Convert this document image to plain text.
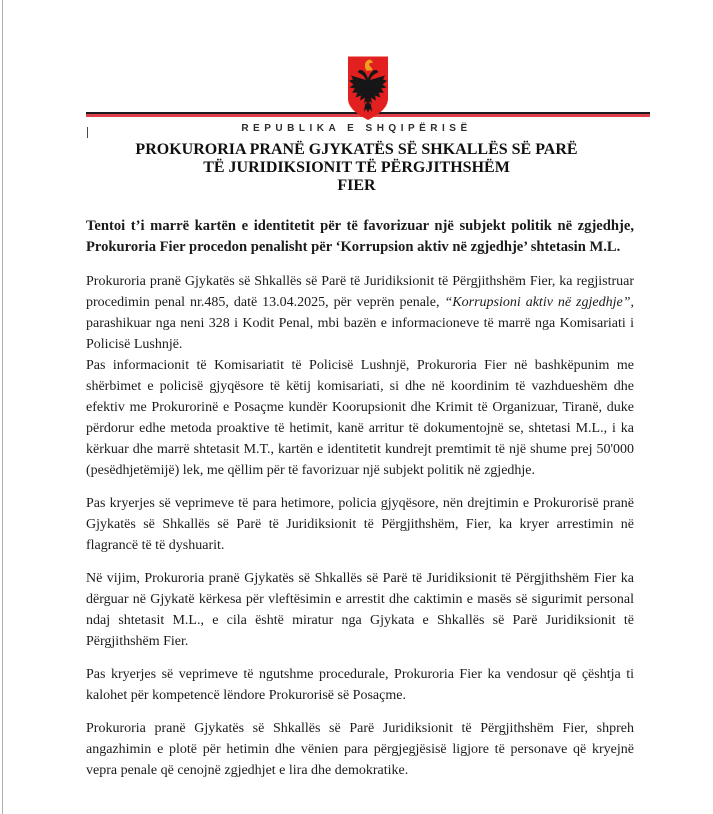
REPUBLIKA E SHQIPËRISË
PROKURORIA PRANË GJYKATËS SË SHKALLËS SË PARË
TË JURIDIKSIONIT TË PËRGJITHSHËM
FIER

Tentoi t’i marrë kartën e identitetit për të favorizuar një subjekt politik në zgjedhje, Prokuroria Fier procedon penalisht për ‘Korrupsion aktiv në zgjedhje’ shtetasin M.L.

Prokuroria pranë Gjykatës së Shkallës së Parë të Juridiksionit të Përgjithshëm Fier, ka regjistruar procedimin penal nr.485, datë 13.04.2025, për veprën penale, “Korrupsioni aktiv në zgjedhje”, parashikuar nga neni 328 i Kodit Penal, mbi bazën e informacioneve të marrë nga Komisariati i Policisë Lushnjë.

Pas informacionit të Komisariatit të Policisë Lushnjë, Prokuroria Fier në bashkëpunim me shërbimet e policisë gjyqësore të këtij komisariati, si dhe në koordinim të vazhdueshëm dhe efektiv me Prokurorinë e Posaçme kundër Koorupsionit dhe Krimit të Organizuar, Tiranë, duke përdorur edhe metoda proaktive të hetimit, kanë arritur të dokumentojnë se, shtetasi M.L., i ka kërkuar dhe marrë shtetasit M.T., kartën e identitetit kundrejt premtimit të një shume prej 50'000 (pesëdhjetëmijë) lek, me qëllim për të favorizuar një subjekt politik në zgjedhje.

Pas kryerjes së veprimeve të para hetimore, policia gjyqësore, nën drejtimin e Prokurorisë pranë Gjykatës së Shkallës së Parë të Juridiksionit të Përgjithshëm, Fier, ka kryer arrestimin në flagrancë të të dyshuarit.

Në vijim, Prokuroria pranë Gjykatës së Shkallës së Parë të Juridiksionit të Përgjithshëm Fier ka dërguar në Gjykatë kërkesa për vleftësimin e arrestit dhe caktimin e masës së sigurimit personal ndaj shtetasit M.L., e cila është miratur nga Gjykata e Shkallës së Parë Juridiksionit të Përgjithshëm Fier.

Pas kryerjes së veprimeve të ngutshme procedurale, Prokuroria Fier ka vendosur që çështja ti kalohet për kompetencë lëndore Prokurorisë së Posaçme.

Prokuroria pranë Gjykatës së Shkallës së Parë Juridiksionit të Përgjithshëm Fier, shpreh angazhimin e plotë për hetimin dhe vënien para përgjegjësisë ligjore të personave që kryejnë vepra penale që cenojnë zgjedhjet e lira dhe demokratike.
